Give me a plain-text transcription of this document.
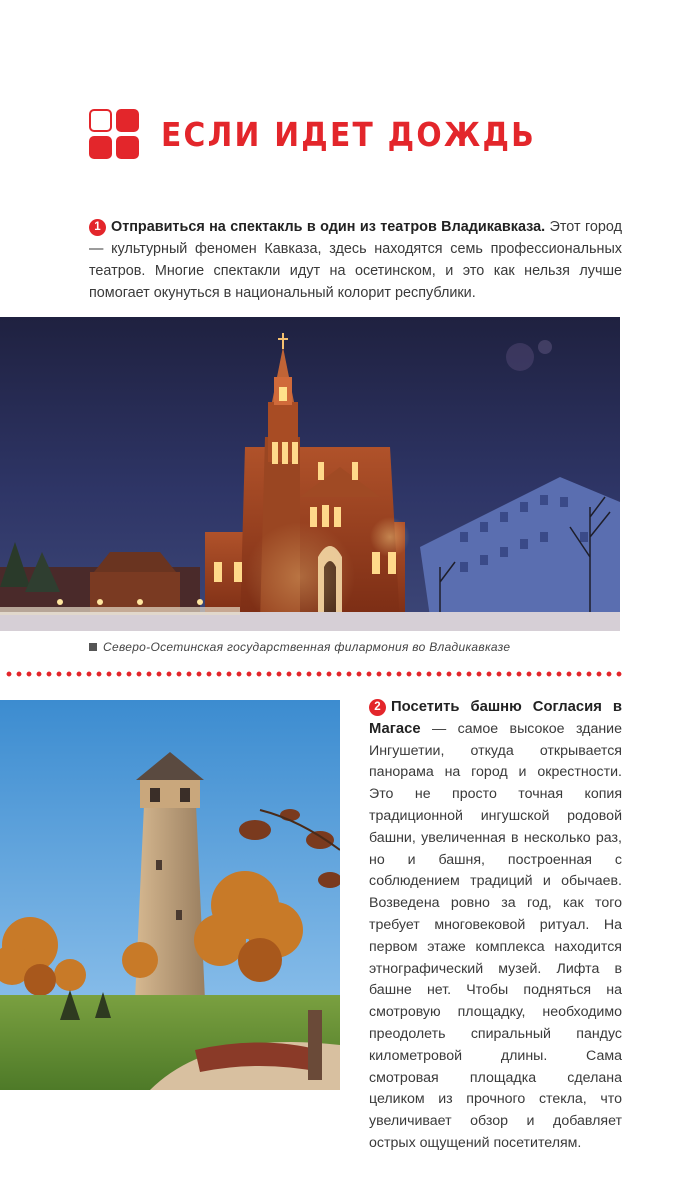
ЕСЛИ ИДЕТ ДОЖДЬ

1 Отправиться на спектакль в один из театров Владикавказа. Этот город — культурный феномен Кавказа, здесь находятся семь профессиональных театров. Многие спектакли идут на осетинском, и это как нельзя лучше помогает окунуться в национальный колорит республики.

Северо-Осетинская государственная филармония во Владикавказе

2 Посетить башню Согласия в Магасе — самое высокое здание Ингушетии, откуда открывается панорама на город и окрестности. Это не просто точная копия традиционной ингушской родовой башни, увеличенная в несколько раз, но и башня, построенная с соблюдением традиций и обычаев. Возведена ровно за год, как того требует многовековой ритуал. На первом этаже комплекса находится этнографический музей. Лифта в башне нет. Чтобы подняться на смотровую площадку, необходимо преодолеть спиральный пандус километровой длины. Сама смотровая площадка сделана целиком из прочного стекла, что увеличивает обзор и добавляет острых ощущений посетителям.
